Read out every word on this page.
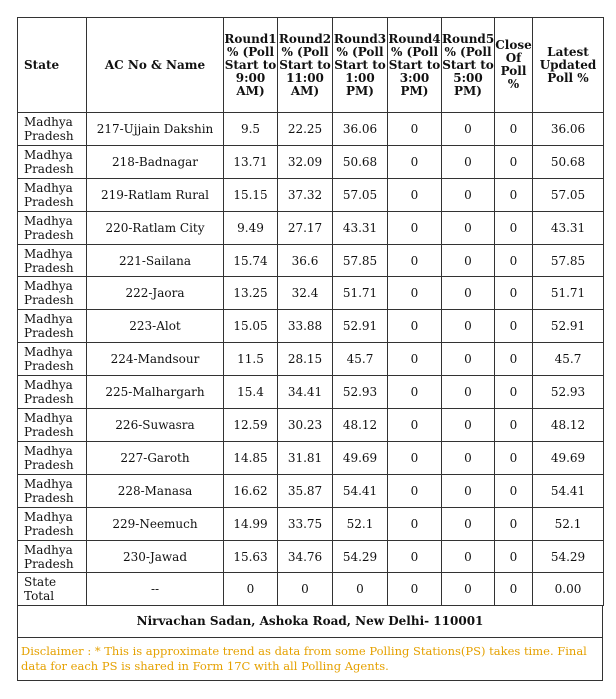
State	AC No & Name	Round1 % (Poll Start to 9:00 AM)	Round2 % (Poll Start to 11:00 AM)	Round3 % (Poll Start to 1:00 PM)	Round4 % (Poll Start to 3:00 PM)	Round5 % (Poll Start to 5:00 PM)	Close Of Poll %	Latest Updated Poll %
Madhya Pradesh	217-Ujjain Dakshin	9.5	22.25	36.06	0	0	0	36.06
Madhya Pradesh	218-Badnagar	13.71	32.09	50.68	0	0	0	50.68
Madhya Pradesh	219-Ratlam Rural	15.15	37.32	57.05	0	0	0	57.05
Madhya Pradesh	220-Ratlam City	9.49	27.17	43.31	0	0	0	43.31
Madhya Pradesh	221-Sailana	15.74	36.6	57.85	0	0	0	57.85
Madhya Pradesh	222-Jaora	13.25	32.4	51.71	0	0	0	51.71
Madhya Pradesh	223-Alot	15.05	33.88	52.91	0	0	0	52.91
Madhya Pradesh	224-Mandsour	11.5	28.15	45.7	0	0	0	45.7
Madhya Pradesh	225-Malhargarh	15.4	34.41	52.93	0	0	0	52.93
Madhya Pradesh	226-Suwasra	12.59	30.23	48.12	0	0	0	48.12
Madhya Pradesh	227-Garoth	14.85	31.81	49.69	0	0	0	49.69
Madhya Pradesh	228-Manasa	16.62	35.87	54.41	0	0	0	54.41
Madhya Pradesh	229-Neemuch	14.99	33.75	52.1	0	0	0	52.1
Madhya Pradesh	230-Jawad	15.63	34.76	54.29	0	0	0	54.29
State Total	--	0	0	0	0	0	0	0.00
Nirvachan Sadan, Ashoka Road, New Delhi- 110001
Disclaimer : * This is approximate trend as data from some Polling Stations(PS) takes time. Final data for each PS is shared in Form 17C with all Polling Agents.
